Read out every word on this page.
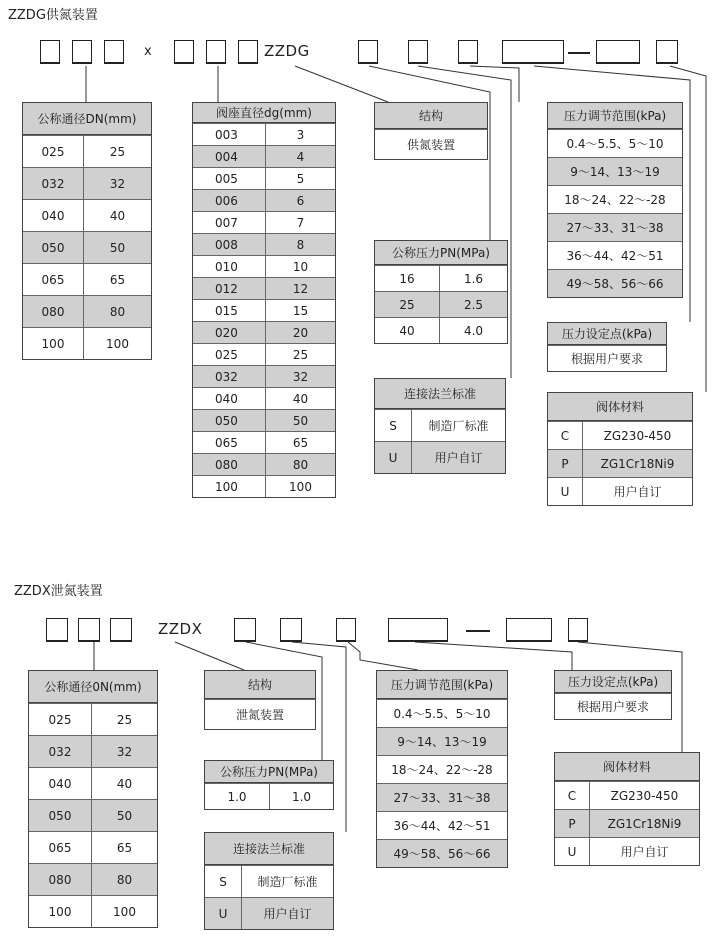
ZZDG供氮装置
x	ZZDG
公称通径DN(mm)
025	25
032	32
040	40
050	50
065	65
080	80
100	100
阀座直径dg(mm)
003	3
004	4
005	5
006	6
007	7
008	8
010	10
012	12
015	15
020	20
025	25
032	32
040	40
050	50
065	65
080	80
100	100
结构
供氮装置
公称压力PN(MPa)
16	1.6
25	2.5
40	4.0
连接法兰标准
S	制造厂标准
U	用户自订
压力调节范围(kPa)
0.4～5.5、5～10
9～14、13～19
18～24、22～-28
27～33、31～38
36～44、42～51
49～58、56～66
压力设定点(kPa)
根据用户要求
阀体材料
C	ZG230-450
P	ZG1Cr18Ni9
U	用户自订
ZZDX泄氮装置
ZZDX
公称通径0N(mm)
025	25
032	32
040	40
050	50
065	65
080	80
100	100
结构
泄氮装置
公称压力PN(MPa)
1.0	1.0
连接法兰标准
S	制造厂标准
U	用户自订
压力调节范围(kPa)
0.4～5.5、5～10
9～14、13～19
18～24、22～-28
27～33、31～38
36～44、42～51
49～58、56～66
压力设定点(kPa)
根据用户要求
阀体材料
C	ZG230-450
P	ZG1Cr18Ni9
U	用户自订
